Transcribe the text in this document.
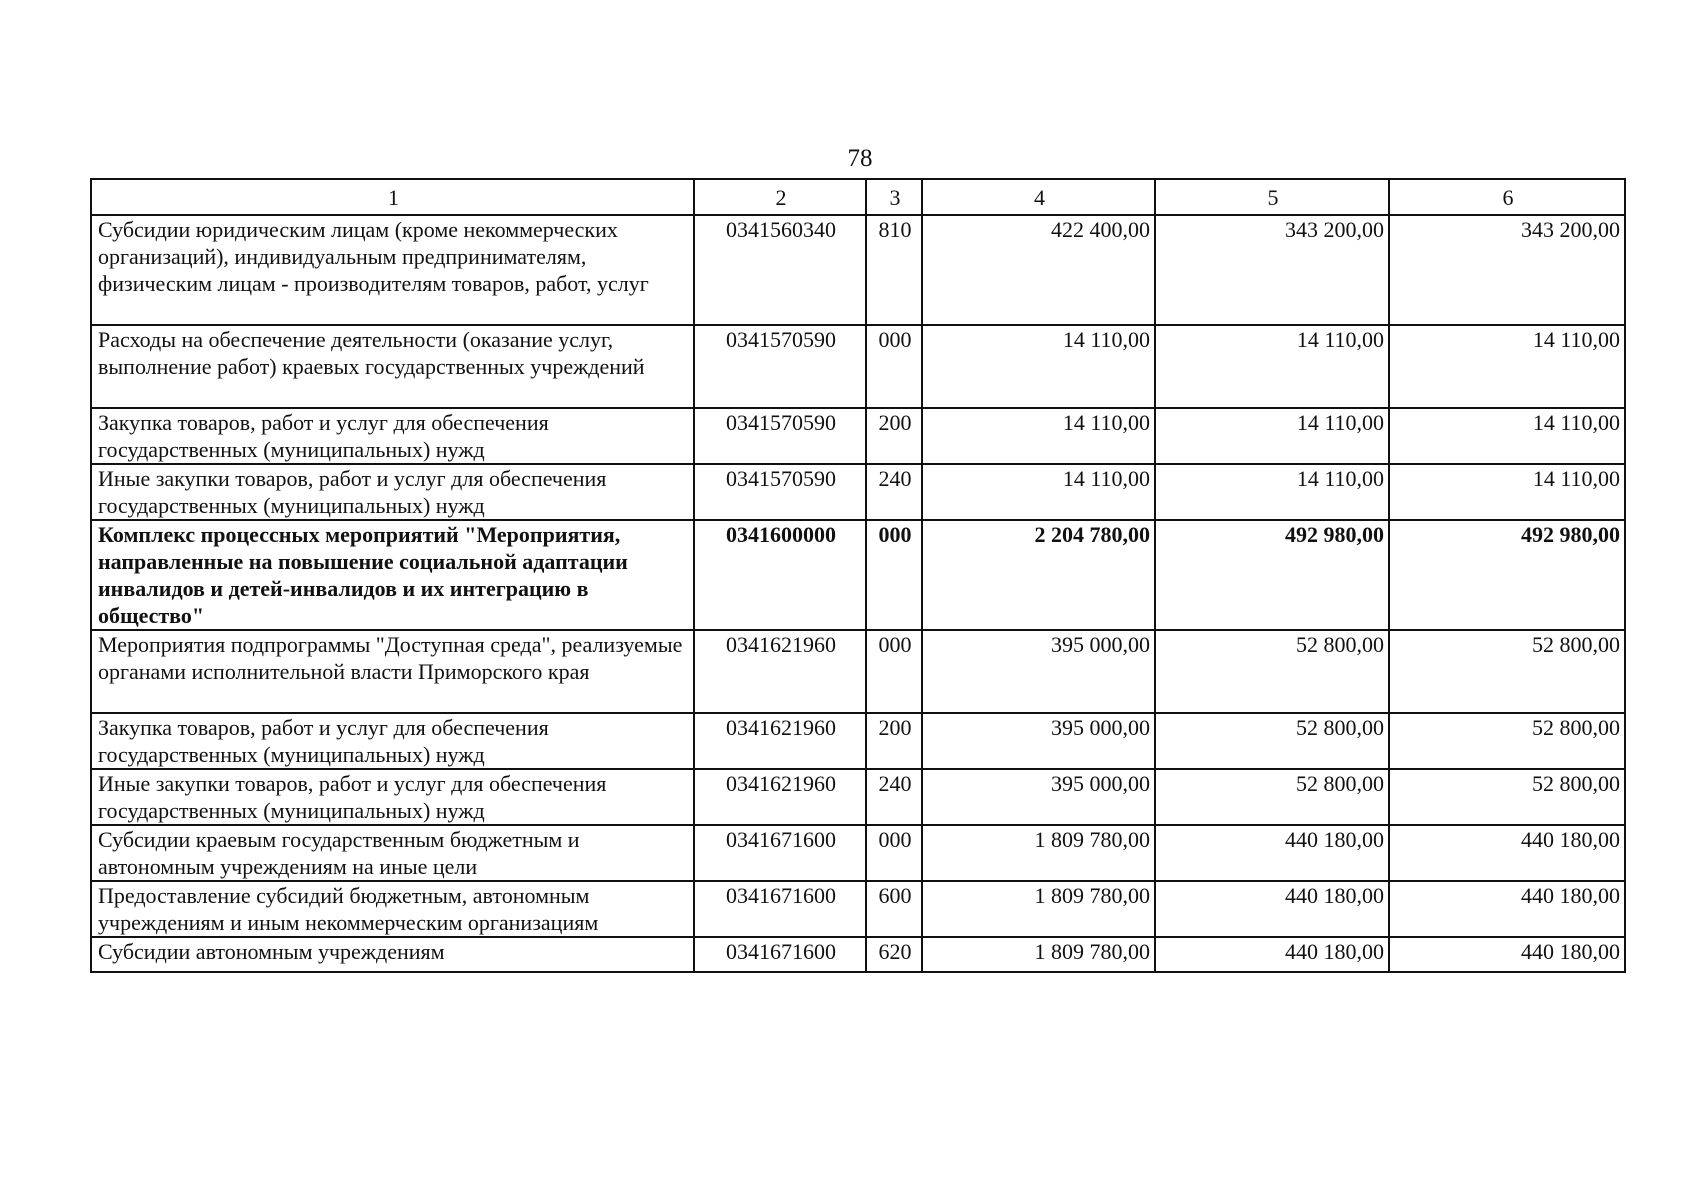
78
1	2	3	4	5	6
Субсидии юридическим лицам (кроме некоммерческих организаций), индивидуальным предпринимателям, физическим лицам - производителям товаров, работ, услуг	0341560340	810	422 400,00	343 200,00	343 200,00
Расходы на обеспечение деятельности (оказание услуг, выполнение работ) краевых государственных учреждений	0341570590	000	14 110,00	14 110,00	14 110,00
Закупка товаров, работ и услуг для обеспечения государственных (муниципальных) нужд	0341570590	200	14 110,00	14 110,00	14 110,00
Иные закупки товаров, работ и услуг для обеспечения государственных (муниципальных) нужд	0341570590	240	14 110,00	14 110,00	14 110,00
Комплекс процессных мероприятий "Мероприятия, направленные на повышение социальной адаптации инвалидов и детей-инвалидов и их интеграцию в общество"	0341600000	000	2 204 780,00	492 980,00	492 980,00
Мероприятия подпрограммы "Доступная среда", реализуемые органами исполнительной власти Приморского края	0341621960	000	395 000,00	52 800,00	52 800,00
Закупка товаров, работ и услуг для обеспечения государственных (муниципальных) нужд	0341621960	200	395 000,00	52 800,00	52 800,00
Иные закупки товаров, работ и услуг для обеспечения государственных (муниципальных) нужд	0341621960	240	395 000,00	52 800,00	52 800,00
Субсидии краевым государственным бюджетным и автономным учреждениям на иные цели	0341671600	000	1 809 780,00	440 180,00	440 180,00
Предоставление субсидий бюджетным, автономным учреждениям и иным некоммерческим организациям	0341671600	600	1 809 780,00	440 180,00	440 180,00
Субсидии автономным учреждениям	0341671600	620	1 809 780,00	440 180,00	440 180,00
